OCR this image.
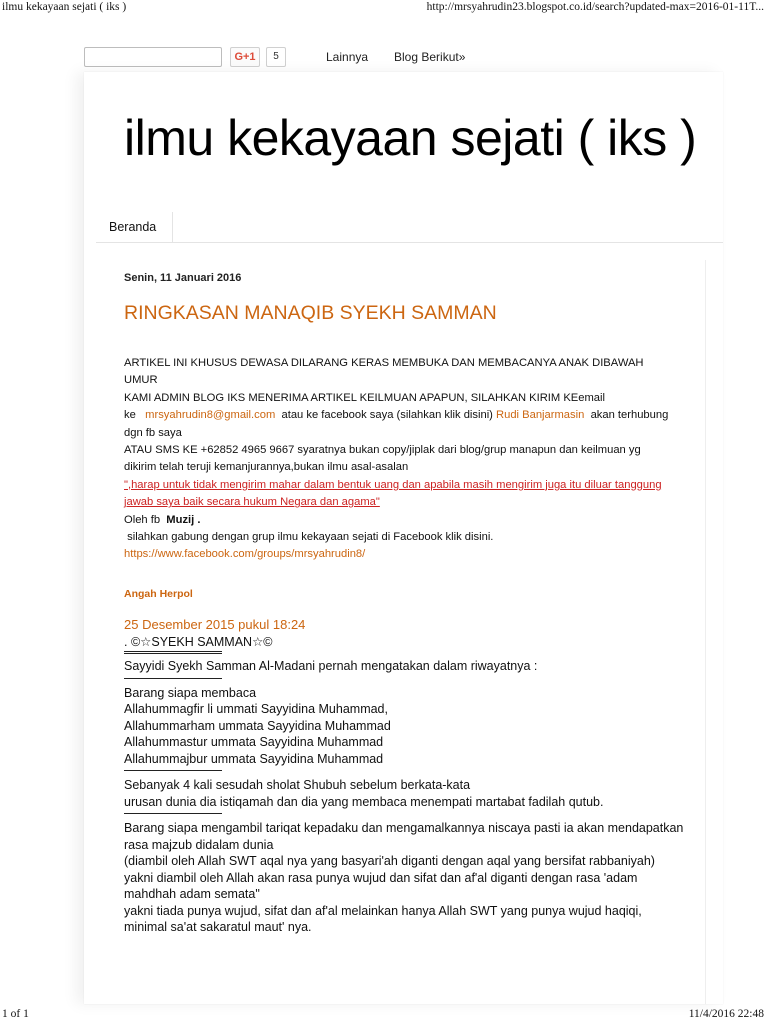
ilmu kekayaan sejati ( iks )	http://mrsyahrudin23.blogspot.co.id/search?updated-max=2016-01-11T...
G+1	5	Lainnya Blog Berikut»
ilmu kekayaan sejati ( iks )
Beranda
Senin, 11 Januari 2016
RINGKASAN MANAQIB SYEKH SAMMAN

ARTIKEL INI KHUSUS DEWASA DILARANG KERAS MEMBUKA DAN MEMBACANYA ANAK DIBAWAH UMUR

KAMI ADMIN BLOG IKS MENERIMA ARTIKEL KEILMUAN APAPUN, SILAHKAN KIRIM KEemail

ke mrsyahrudin8@gmail.com atau ke facebook saya (silahkan klik disini) Rudi Banjarmasin akan terhubung dgn fb saya

ATAU SMS KE +62852 4965 9667 syaratnya bukan copy/jiplak dari blog/grup manapun dan keilmuan yg dikirim telah teruji kemanjurannya,bukan ilmu asal-asalan

",harap untuk tidak mengirim mahar dalam bentuk uang dan apabila masih mengirim juga itu diluar tanggung jawab saya baik secara hukum Negara dan agama"

Oleh fb Muzij .

silahkan gabung dengan grup ilmu kekayaan sejati di Facebook klik disini.   https://www.facebook.com/groups/mrsyahrudin8/

Angah Herpol

25 Desember 2015 pukul 18:24

. ©☆SYEKH SAMMAN☆©

Sayyidi Syekh Samman Al-Madani pernah mengatakan dalam riwayatnya :

Barang siapa membaca

Allahummagfir li ummati Sayyidina Muhammad,

Allahummarham ummata Sayyidina Muhammad

Allahummastur ummata Sayyidina Muhammad

Allahummajbur ummata Sayyidina Muhammad

Sebanyak 4 kali sesudah sholat Shubuh sebelum berkata-kata

urusan dunia dia istiqamah dan dia yang membaca menempati martabat fadilah qutub.

Barang siapa mengambil tariqat kepadaku dan mengamalkannya niscaya pasti ia akan mendapatkan rasa majzub didalam dunia

(diambil oleh Allah SWT aqal nya yang basyari'ah diganti dengan aqal yang bersifat rabbaniyah)

yakni diambil oleh Allah akan rasa punya wujud dan sifat dan af'al diganti dengan rasa 'adam mahdhah adam semata"

yakni tiada punya wujud, sifat dan af'al melainkan hanya Allah SWT yang punya wujud haqiqi, minimal sa'at sakaratul maut' nya.

1 of 1	11/4/2016 22:48
